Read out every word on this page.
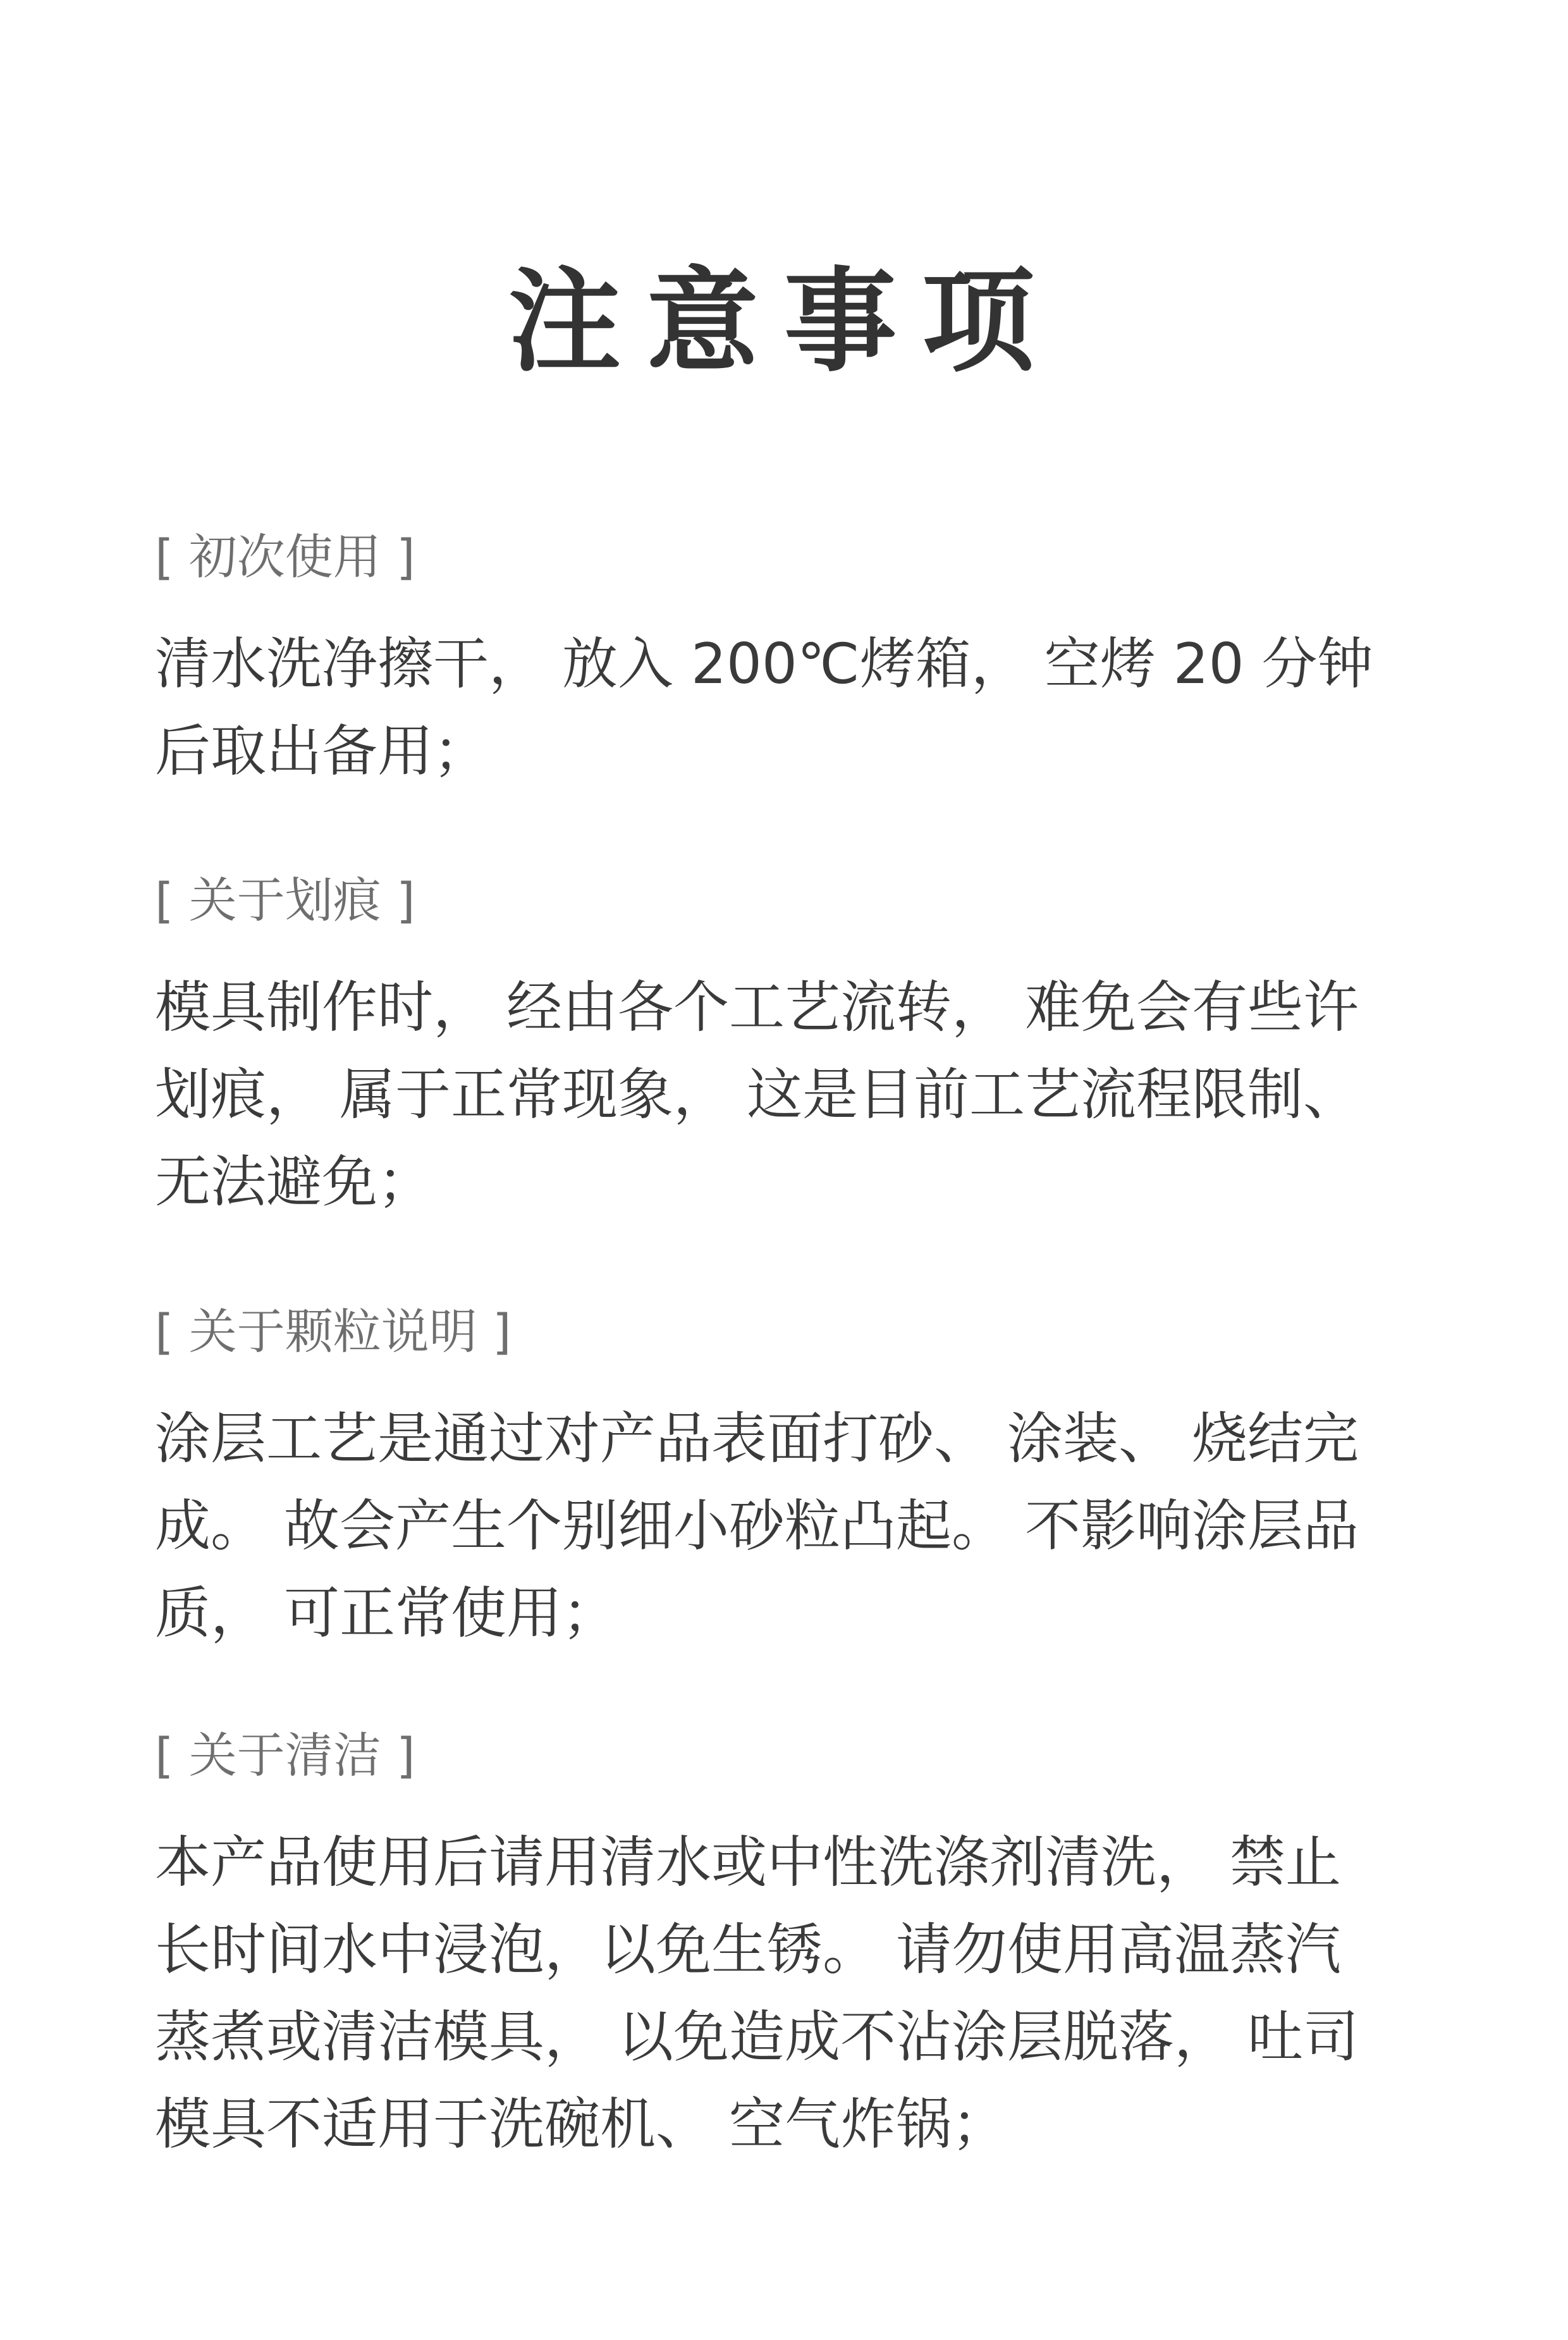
注意事项
[ 初次使用 ]
清水洗净擦干， 放入 200℃烤箱， 空烤 20 分钟
后取出备用；
[ 关于划痕 ]
模具制作时， 经由各个工艺流转， 难免会有些许
划痕， 属于正常现象， 这是目前工艺流程限制、
无法避免；
[ 关于颗粒说明 ]
涂层工艺是通过对产品表面打砂、 涂装、 烧结完
成。 故会产生个别细小砂粒凸起。 不影响涂层品
质， 可正常使用；
[ 关于清洁 ]
本产品使用后请用清水或中性洗涤剂清洗， 禁止
长时间水中浸泡，以免生锈。 请勿使用高温蒸汽
蒸煮或清洁模具， 以免造成不沾涂层脱落， 吐司
模具不适用于洗碗机、 空气炸锅；
